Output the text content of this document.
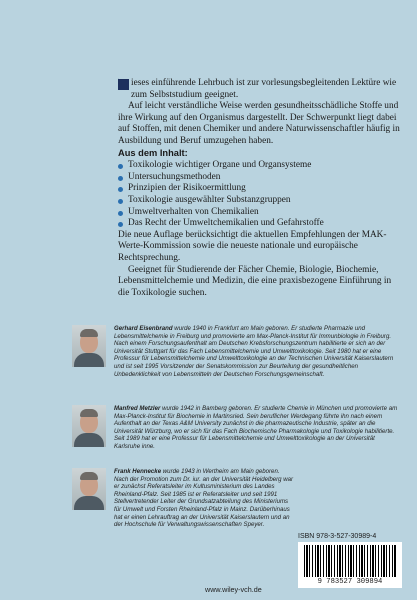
D	ieses einführende Lehrbuch ist zur vorlesungsbegleitenden Lektüre wie zum Selbststudium geeignet.

Auf leicht verständliche Weise werden gesundheitsschädliche Stoffe und ihre Wirkung auf den Organismus dargestellt. Der Schwerpunkt liegt dabei auf Stoffen, mit denen Chemiker und andere Naturwissenschaftler häufig in Ausbildung und Beruf umzugehen haben.

Aus dem Inhalt:

Toxikologie wichtiger Organe und Organsysteme
Untersuchungsmethoden
Prinzipien der Risikoermittlung
Toxikologie ausgewählter Substanzgruppen
Umweltverhalten von Chemikalien
Das Recht der Umweltchemikalien und Gefahrstoffe

Die neue Auflage berücksichtigt die aktuellen Empfehlungen der MAK-Werte-Kommission sowie die neueste nationale und europäische Rechtsprechung.

Geeignet für Studierende der Fächer Chemie, Biologie, Biochemie, Lebensmittelchemie und Medizin, die eine praxisbezogene Einführung in die Toxikologie suchen.

Gerhard Eisenbrand wurde 1940 in Frankfurt am Main geboren. Er studierte Pharmazie und Lebensmittelchemie in Freiburg und promovierte am Max-Planck-Institut für Immunbiologie in Freiburg. Nach einem Forschungsaufenthalt am Deutschen Krebsforschungszentrum habilitierte er sich an der Universität Stuttgart für das Fach Lebensmittelchemie und Umwelttoxikologie. Seit 1980 hat er eine Professur für Lebensmittelchemie und Umwelttoxikologie an der Technischen Universität Kaiserslautern und ist seit 1995 Vorsitzender der Senatskommission zur Beurteilung der gesundheitlichen Unbedenklichkeit von Lebensmitteln der Deutschen Forschungsgemeinschaft.
Manfred Metzler wurde 1942 in Bamberg geboren. Er studierte Chemie in München und promovierte am Max-Planck-Institut für Biochemie in Martinsried. Sein beruflicher Werdegang führte ihn nach einem Aufenthalt an der Texas A&M University zunächst in die pharmazeutische Industrie, später an die Universität Würzburg, wo er sich für das Fach Biochemische Pharmakologie und Toxikologie habilitierte. Seit 1989 hat er eine Professur für Lebensmittelchemie und Umwelttoxikologie an der Universität Karlsruhe inne.
Frank Hennecke wurde 1943 in Wertheim am Main geboren. Nach der Promotion zum Dr. iur. an der Universität Heidelberg war er zunächst Referatsleiter im Kultusministerium des Landes Rheinland-Pfalz. Seit 1985 ist er Referatsleiter und seit 1991 Stellvertretender Leiter der Grundsatzabteilung des Ministeriums für Umwelt und Forsten Rheinland-Pfalz in Mainz. Darüberhinaus hat er einen Lehrauftrag an der Universität Kaiserslautern und an der Hochschule für Verwaltungswissenschaften Speyer.
ISBN 978-3-527-30989-4
9 783527 309894
www.wiley-vch.de
